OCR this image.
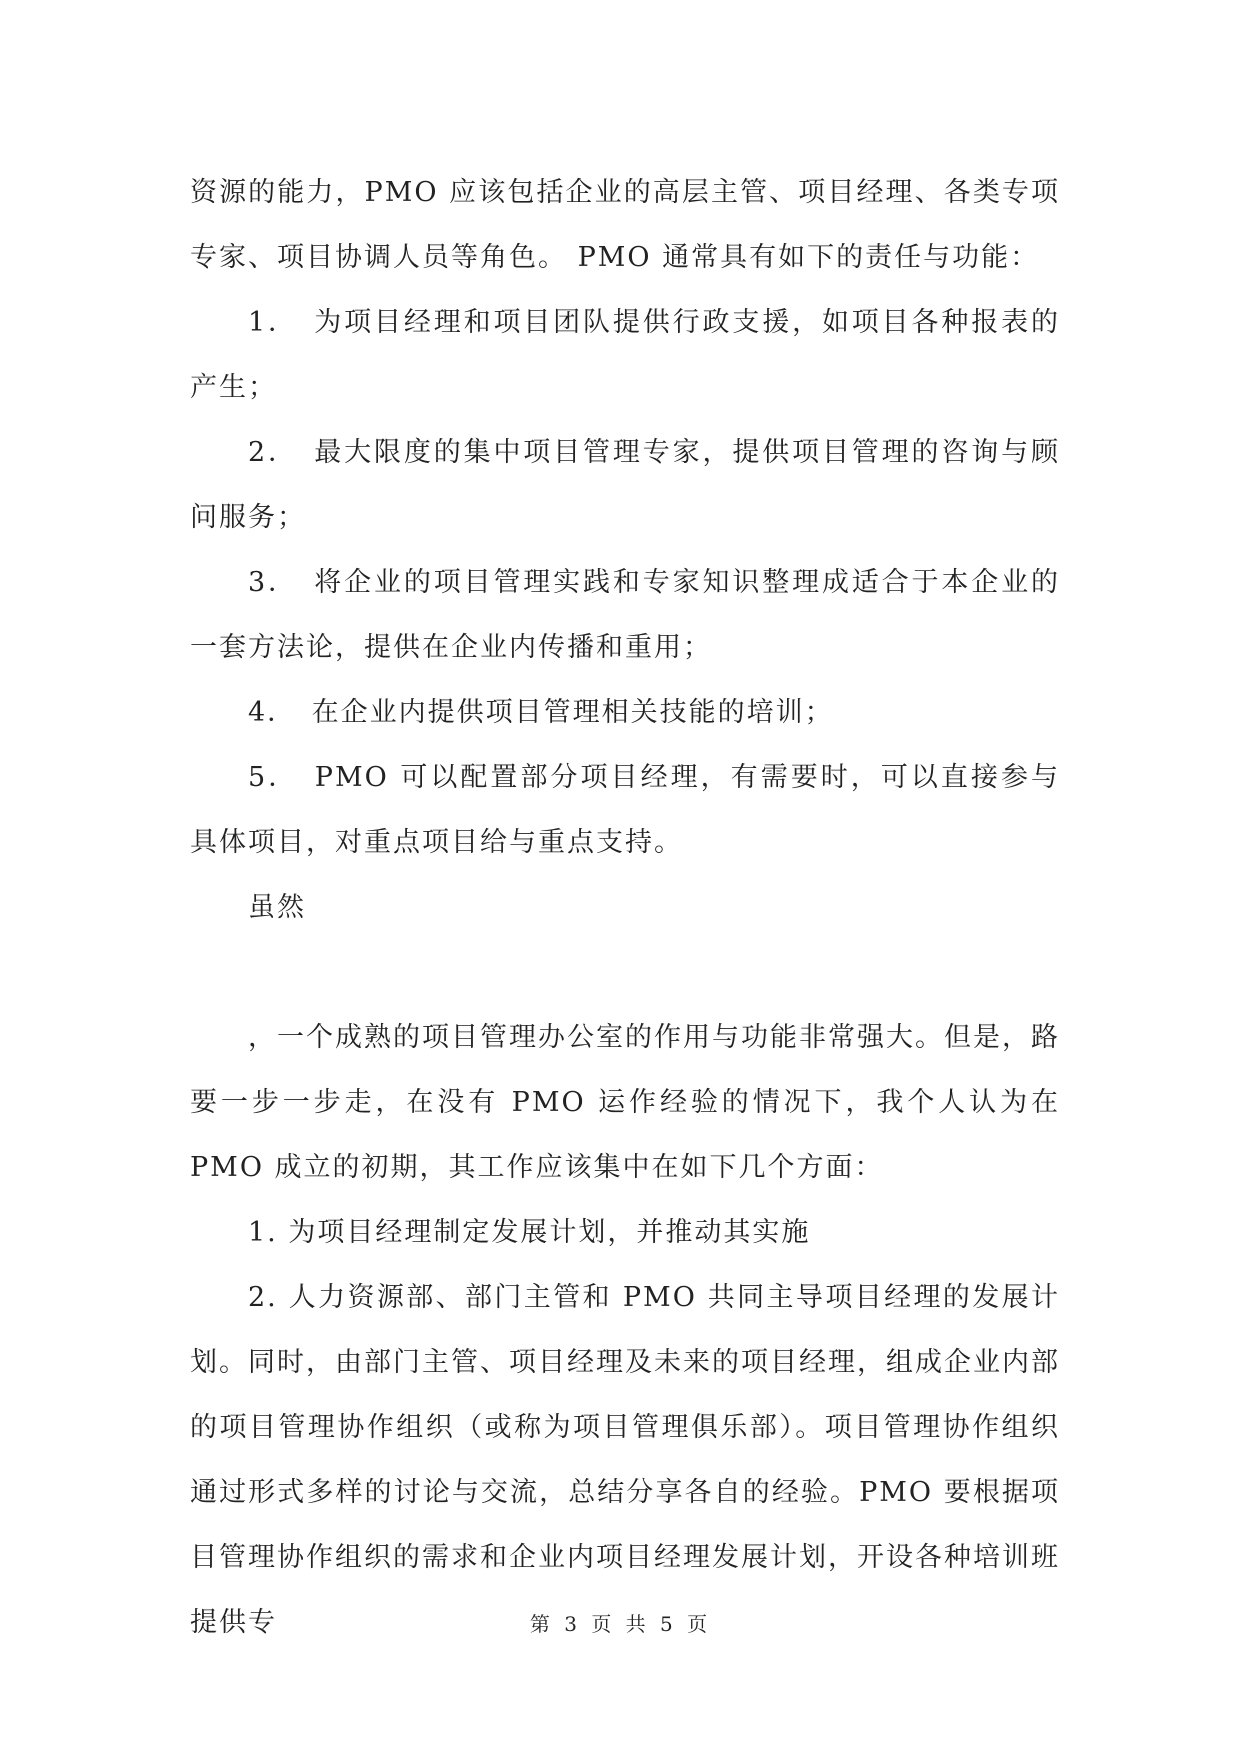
资源的能力，PMO 应该包括企业的高层主管、项目经理、各类专项专家、项目协调人员等角色。 PMO 通常具有如下的责任与功能：

1．　为项目经理和项目团队提供行政支援，如项目各种报表的产生；

2．　最大限度的集中项目管理专家，提供项目管理的咨询与顾问服务；

3．　将企业的项目管理实践和专家知识整理成适合于本企业的一套方法论，提供在企业内传播和重用；

4．　在企业内提供项目管理相关技能的培训；

5．　PMO 可以配置部分项目经理，有需要时，可以直接参与具体项目，对重点项目给与重点支持。

虽然

，一个成熟的项目管理办公室的作用与功能非常强大。但是，路要一步一步走，在没有 PMO 运作经验的情况下，我个人认为在 PMO 成立的初期，其工作应该集中在如下几个方面：

1. 为项目经理制定发展计划，并推动其实施

2. 人力资源部、部门主管和 PMO 共同主导项目经理的发展计划。同时，由部门主管、项目经理及未来的项目经理，组成企业内部的项目管理协作组织（或称为项目管理俱乐部）。项目管理协作组织通过形式多样的讨论与交流，总结分享各自的经验。PMO 要根据项目管理协作组织的需求和企业内项目经理发展计划，开设各种培训班提供专	第 3 页 共 5 页
